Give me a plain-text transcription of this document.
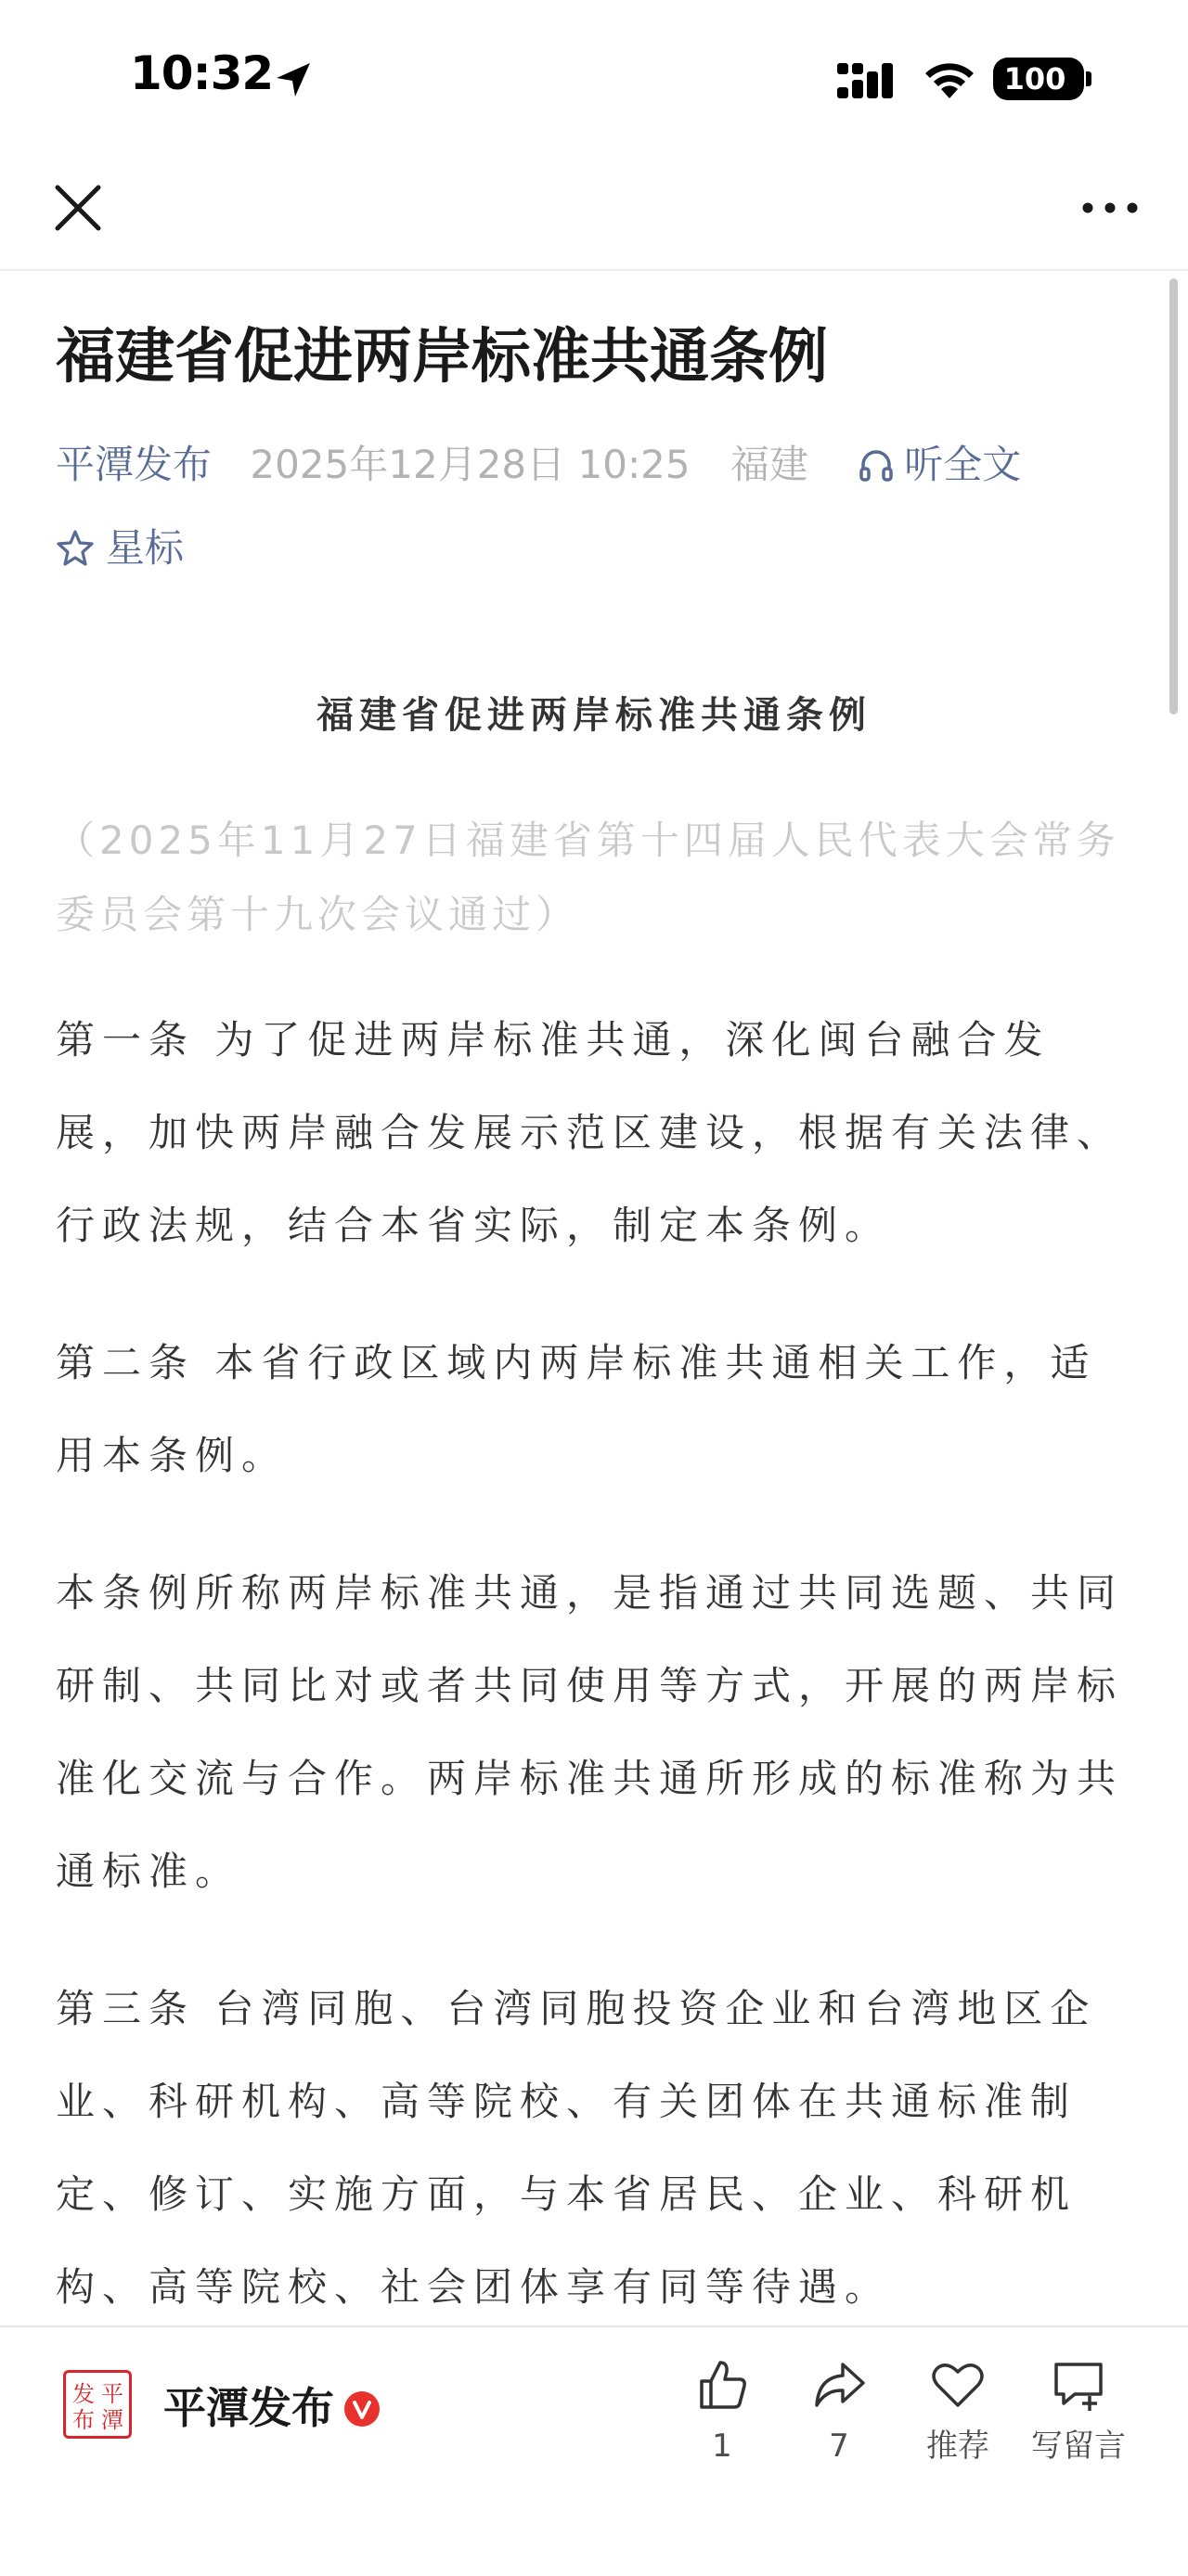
10:32	100
福建省促进两岸标准共通条例
平潭发布 2025年12月28日 10:25 福建 听全文
星标
福建省促进两岸标准共通条例
（2025年11月27日福建省第十四届人民代表大会常务委员会第十九次会议通过）
第一条 为了促进两岸标准共通，深化闽台融合发展，加快两岸融合发展示范区建设，根据有关法律、行政法规，结合本省实际，制定本条例。
第二条 本省行政区域内两岸标准共通相关工作，适用本条例。
本条例所称两岸标准共通，是指通过共同选题、共同研制、共同比对或者共同使用等方式，开展的两岸标准化交流与合作。两岸标准共通所形成的标准称为共通标准。
第三条 台湾同胞、台湾同胞投资企业和台湾地区企业、科研机构、高等院校、有关团体在共通标准制定、修订、实施方面，与本省居民、企业、科研机构、高等院校、社会团体享有同等待遇。
平
潭
发
布 平潭发布
1	7	推荐	写留言
